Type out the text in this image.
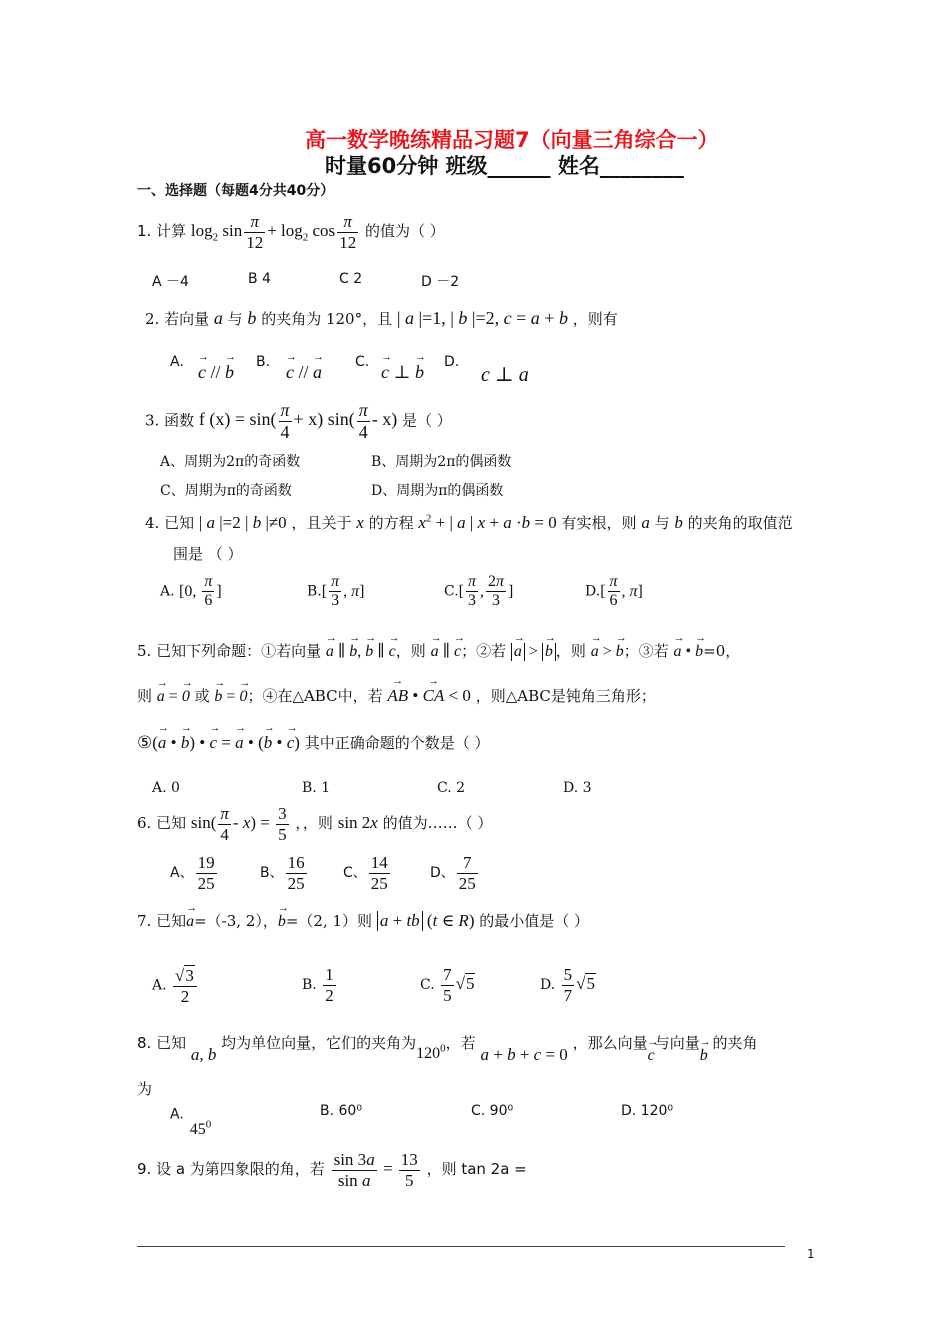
高一数学晚练精品习题7（向量三角综合一）
时量60分钟 班级______ 姓名________
一、选择题（每题4分共40分）
1. 计算 $\log_2 \sin \frac{\pi}{12} + \log_2 \cos \frac{\pi}{12}$ 的值为（ ）
A －4	B 4	C 2	D －2
2. 若向量 a 与 b 的夹角为 120°，且 | a |=1, | b |=2, c = a + b ，则有
A. → c // → b B. → c // → a C. → c ⊥ → b D.
c ⊥ a
3. 函数 f $(x) = \sin( \frac{\pi}{4} + x)$ $\sin( \frac{\pi}{4} - x)$ 是（ ）
A、周期为2π的奇函数	B、周期为2π的偶函数
C、周期为π的奇函数	D、周期为π的偶函数
4. 已知 | a |=2 | b |≠0 ，且关于 x 的方程 $x^2$ + | a | x + a ·b = 0 有实根，则 a 与 b 的夹角的取值范
围是 （ ）
A. [0, $\frac{\pi}{6}$ ]	$B.[ \frac{\pi}{3}$ , π]	$C.[ \frac{\pi}{3}$ , $\frac{2\pi}{3}$ ]	$D.[ \frac{\pi}{6}$ , π]
5. 已知下列命题：①若向量 → a ∥ → b, → b ∥ → c，则 → a ∥ → c；②若 → a > → b ，则 → a > → b；③若 → a • → b=0，
则 → a = → 0 或 → b = → 0；④在△ABC中，若 → AB • → CA < 0 ，则△ABC是钝角三角形；
⑤(→ a • → b) • → c = → a • (→ b • → c) 其中正确命题的个数是（ ）
A. 0	B. 1	C. 2	D. 3
6. 已知 $\sin( \frac{\pi}{4} - x) = \frac{3}{5}$ ，，则 sin 2x 的值为……（ ）
A、 $\frac{19}{25}$	B、 $\frac{16}{25}$	C、 $\frac{14}{25}$	D、 $\frac{7}{25}$
7. 已知→ a=（-3, 2），→ b=（2, 1）则 a + tb (t ∈ R) 的最小值是（ ）
A. $\frac{√3}{2}$	B. $\frac{1}{2}$	C. $\frac{7}{5} √5$	D. $\frac{5}{7} √5$
8. 已知 a, b 均为单位向量，它们的夹角为$120^0$，若 a + b + c = 0 ，那么向量→ c与向量→ b 的夹角
为
$A.45^0$
B. 60⁰	C. 90⁰	D. 120⁰
9. 设 a 为第四象限的角，若 $\frac{\sin 3a}{\text{sin a}} = \frac{13}{5}$ ，则 tan 2a =
1
